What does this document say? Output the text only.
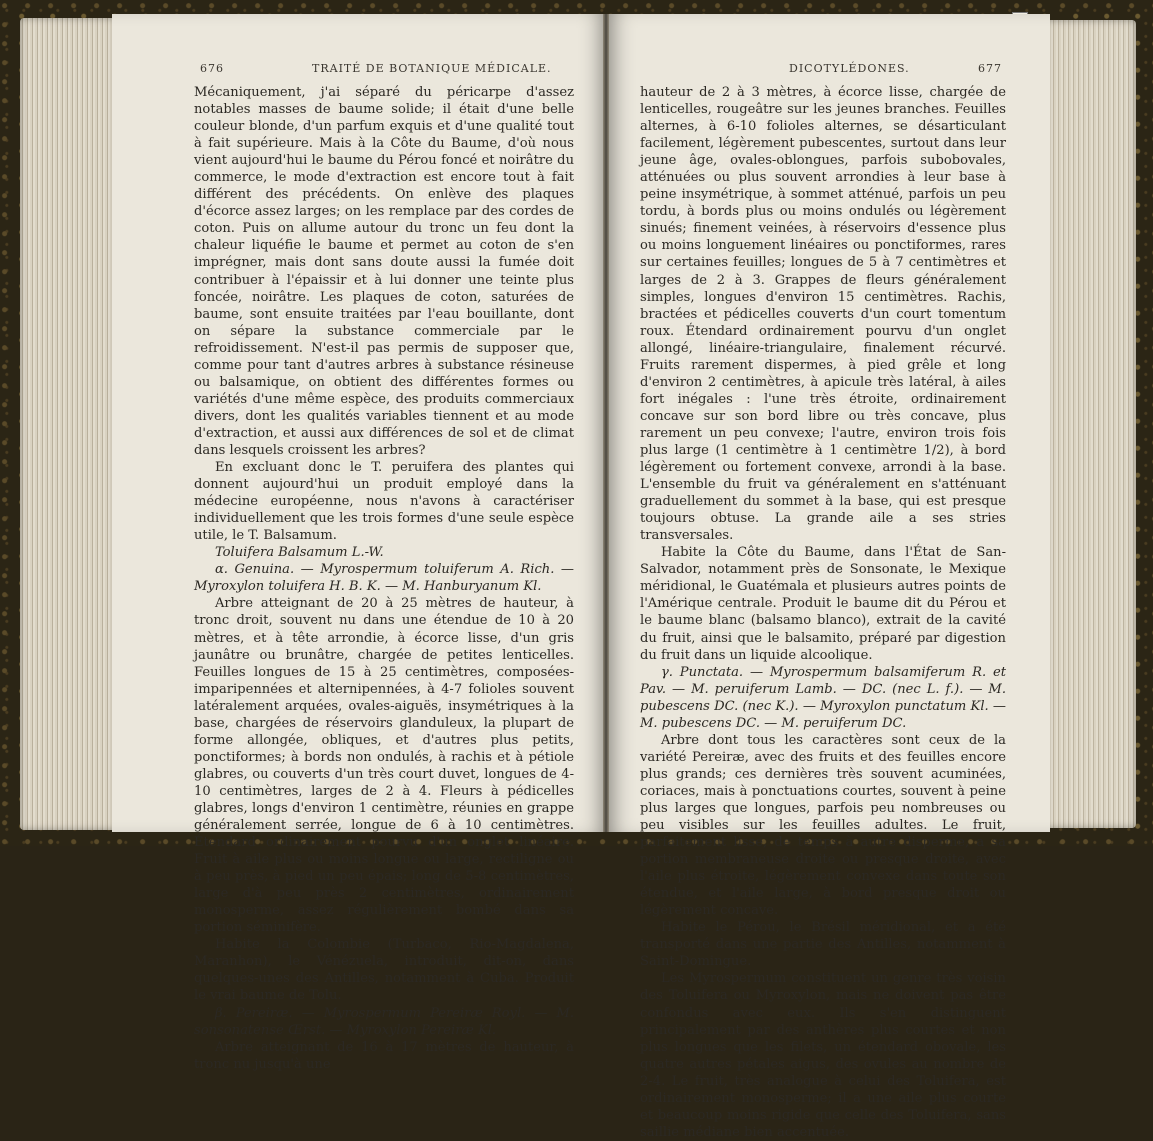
676	TRAITÉ DE BOTANIQUE MÉDICALE.

Mécaniquement, j'ai séparé du péricarpe d'assez notables masses de baume solide; il était d'une belle couleur blonde, d'un parfum exquis et d'une qualité tout à fait supérieure. Mais à la Côte du Baume, d'où nous vient aujourd'hui le baume du Pérou foncé et noirâtre du commerce, le mode d'extraction est encore tout à fait différent des précédents. On enlève des plaques d'écorce assez larges; on les remplace par des cordes de coton. Puis on allume autour du tronc un feu dont la chaleur liquéfie le baume et permet au coton de s'en imprégner, mais dont sans doute aussi la fumée doit contribuer à l'épaissir et à lui donner une teinte plus foncée, noirâtre. Les plaques de coton, saturées de baume, sont ensuite traitées par l'eau bouillante, dont on sépare la substance commerciale par le refroidissement. N'est-il pas permis de supposer que, comme pour tant d'autres arbres à substance résineuse ou balsamique, on obtient des différentes formes ou variétés d'une même espèce, des produits commerciaux divers, dont les qualités variables tiennent et au mode d'extraction, et aussi aux différences de sol et de climat dans lesquels croissent les arbres?

En excluant donc le T. peruifera des plantes qui donnent aujourd'hui un produit employé dans la médecine européenne, nous n'avons à caractériser individuellement que les trois formes d'une seule espèce utile, le T. Balsamum.

Toluifera Balsamum L.-W.

α. Genuina. — Myrospermum toluiferum A. Rich. — Myroxylon toluifera H. B. K. — M. Hanburyanum Kl.

Arbre atteignant de 20 à 25 mètres de hauteur, à tronc droit, souvent nu dans une étendue de 10 à 20 mètres, et à tête arrondie, à écorce lisse, d'un gris jaunâtre ou brunâtre, chargée de petites lenticelles. Feuilles longues de 15 à 25 centimètres, composées-imparipennées et alternipennées, à 4-7 folioles souvent latéralement arquées, ovales-aiguës, insymétriques à la base, chargées de réservoirs glanduleux, la plupart de forme allongée, obliques, et d'autres plus petits, ponctiformes; à bords non ondulés, à rachis et à pétiole glabres, ou couverts d'un très court duvet, longues de 4-10 centimètres, larges de 2 à 4. Fleurs à pédicelles glabres, longs d'environ 1 centimètre, réunies en grappe généralement serrée, longue de 6 à 10 centimètres. Étendard ordinairement pourvu d'un onglet linéaire. Fruit à aile plus ou moins longue ou large, rectiligne ou à peu près, à pied un peu épais; long de 5-8 centimètres, large d'à peu près 2 centimètres, ordinairement monosperme, assez régulièrement bombé dans sa portion séminifère.

Habite la Colombie (Turbaco, Rio-Magdalena, Maranhon), le Vénézuela, introduit, dit-on, dans quelques-unes des Antilles, notamment à Cuba. Produit le vrai baume de Tolu.

β. Pereiræ. — Myrospermum Pereiræ Royl. — M. sonsonatense Œrst. — Myroxylon Pereiræ Kl.

Arbre atteignant de 16 à 17 mètres de hauteur, à tronc nu jusqu'à une

DICOTYLÉDONES.	677

hauteur de 2 à 3 mètres, à écorce lisse, chargée de lenticelles, rougeâtre sur les jeunes branches. Feuilles alternes, à 6-10 folioles alternes, se désarticulant facilement, légèrement pubescentes, surtout dans leur jeune âge, ovales-oblongues, parfois subobovales, atténuées ou plus souvent arrondies à leur base à peine insymétrique, à sommet atténué, parfois un peu tordu, à bords plus ou moins ondulés ou légèrement sinués; finement veinées, à réservoirs d'essence plus ou moins longuement linéaires ou ponctiformes, rares sur certaines feuilles; longues de 5 à 7 centimètres et larges de 2 à 3. Grappes de fleurs généralement simples, longues d'environ 15 centimètres. Rachis, bractées et pédicelles couverts d'un court tomentum roux. Étendard ordinairement pourvu d'un onglet allongé, linéaire-triangulaire, finalement récurvé. Fruits rarement dispermes, à pied grêle et long d'environ 2 centimètres, à apicule très latéral, à ailes fort inégales : l'une très étroite, ordinairement concave sur son bord libre ou très concave, plus rarement un peu convexe; l'autre, environ trois fois plus large (1 centimètre à 1 centimètre 1/2), à bord légèrement ou fortement convexe, arrondi à la base. L'ensemble du fruit va généralement en s'atténuant graduellement du sommet à la base, qui est presque toujours obtuse. La grande aile a ses stries transversales.

Habite la Côte du Baume, dans l'État de San-Salvador, notamment près de Sonsonate, le Mexique méridional, le Guatémala et plusieurs autres points de l'Amérique centrale. Produit le baume dit du Pérou et le baume blanc (balsamo blanco), extrait de la cavité du fruit, ainsi que le balsamito, préparé par digestion du fruit dans un liquide alcoolique.

γ. Punctata. — Myrospermum balsamiferum R. et Pav. — M. peruiferum Lamb. — DC. (nec L. f.). — M. pubescens DC. (nec K.). — Myroxylon punctatum Kl. — M. pubescens DC. — M. peruiferum DC.

Arbre dont tous les caractères sont ceux de la variété Pereiræ, avec des fruits et des feuilles encore plus grands; ces dernières très souvent acuminées, coriaces, mais à ponctuations courtes, souvent à peine plus larges que longues, parfois peu nombreuses ou peu visibles sur les feuilles adultes. Le fruit, parfaitement lisse, de temps à autre disperme, a sa portion membraneuse droite ou presque droite, avec l'aile plus étroite, légèrement convexe dans toute son étendue, et l'aile large, à bord presque droit ou légèrement concave.

Habite le Pérou, le Brésil méridional, et a été transporté dans une partie des Antilles, notamment à Saint-Domingue.

Les Myrospermum constituent un genre très voisin des Toluifera ou Myroxylon, mais ne doivent pas être confondus avec eux. Ils s'en distinguent principalement par des anthères plus courtes et non plus longues que les filets, un étendard obovale, les quatre autres pétales aigus, des ovules au nombre de 2-4. Le fruit, très analogue à celui des Toluifera, est ordinairement monosperme; il a une aile plus courte et beaucoup moins rigide que celle des Toluifera, sans saillie médiane bien accentuée.
